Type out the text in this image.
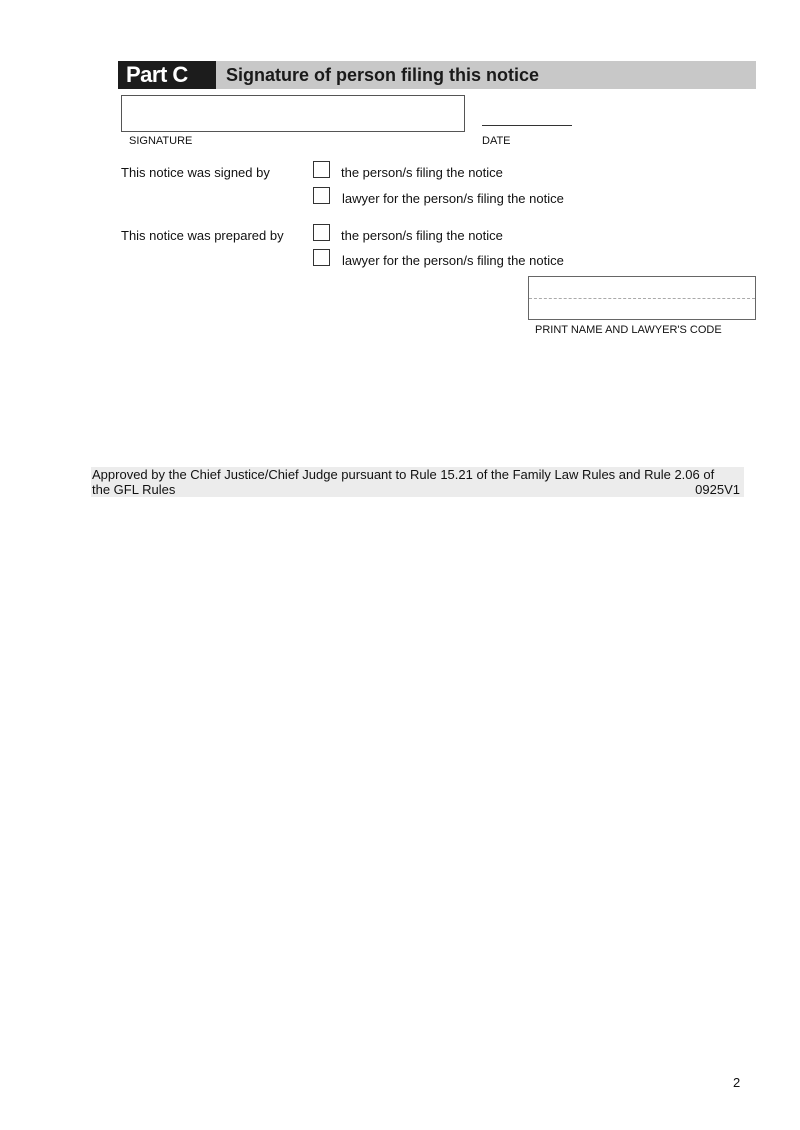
Part C	Signature of person filing this notice
SIGNATURE	DATE
This notice was signed by	the person/s filing the notice
lawyer for the person/s filing the notice
This notice was prepared by	the person/s filing the notice
lawyer for the person/s filing the notice
PRINT NAME AND LAWYER'S CODE
Approved by the Chief Justice/Chief Judge pursuant to Rule 15.21 of the Family Law Rules and Rule 2.06 of
the GFL Rules	0925V1
2
